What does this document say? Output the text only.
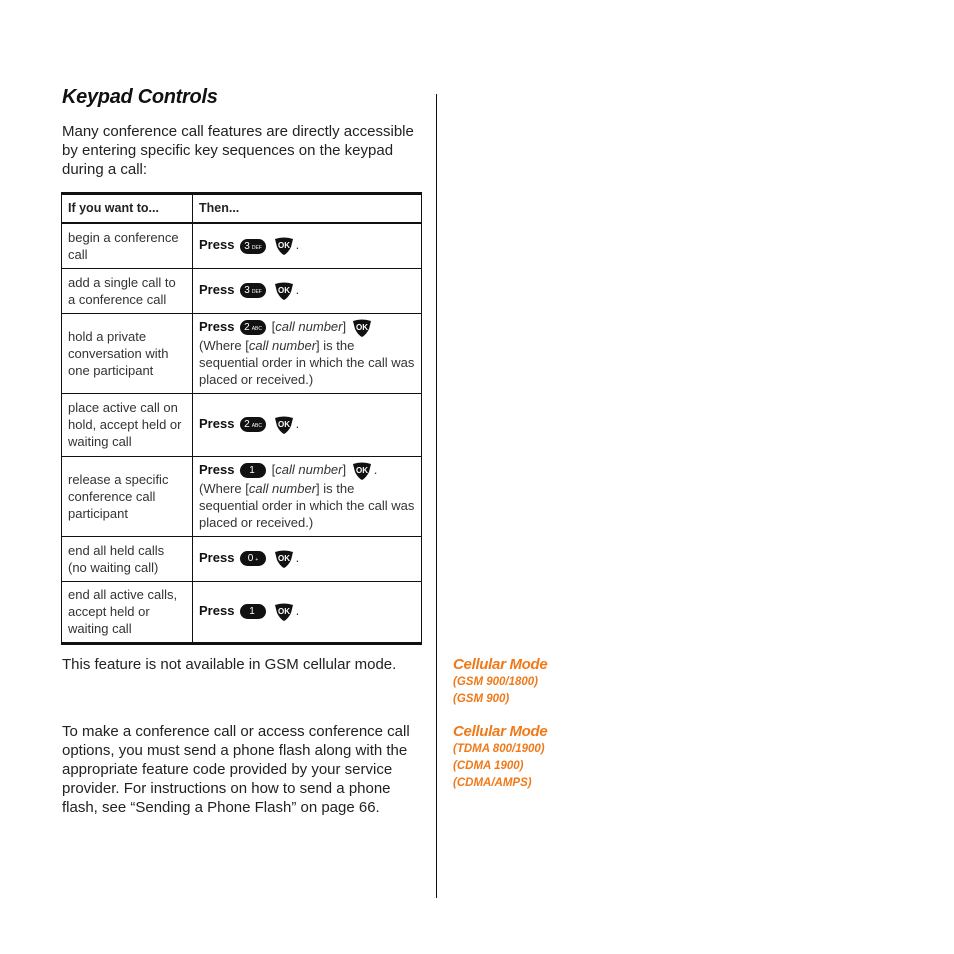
Keypad Controls

Many conference call features are directly accessible by entering specific key sequences on the keypad during a call:

If you want to...	Then...
begin a conference call	Press 3 DEF OK .
add a single call to a conference call	Press 3 DEF OK .
hold a private conversation with one participant	Press 2 ABC [call number] OK

(Where [call number] is the sequential order in which the call was placed or received.)
place active call on hold, accept held or waiting call	Press 2 ABC OK .
release a specific conference call participant	Press 1 [call number] OK .
(Where [call number] is the sequential order in which the call was placed or received.)
end all held calls (no waiting call)	Press 0 + OK .
end all active calls, accept held or waiting call	Press 1 OK .

This feature is not available in GSM cellular mode.

To make a conference call or access conference call options, you must send a phone flash along with the appropriate feature code provided by your service provider. For instructions on how to send a phone flash, see “Sending a Phone Flash” on page 66.

Cellular Mode
(GSM 900/1800)
(GSM 900)
Cellular Mode
(TDMA 800/1900)
(CDMA 1900)
(CDMA/AMPS)
